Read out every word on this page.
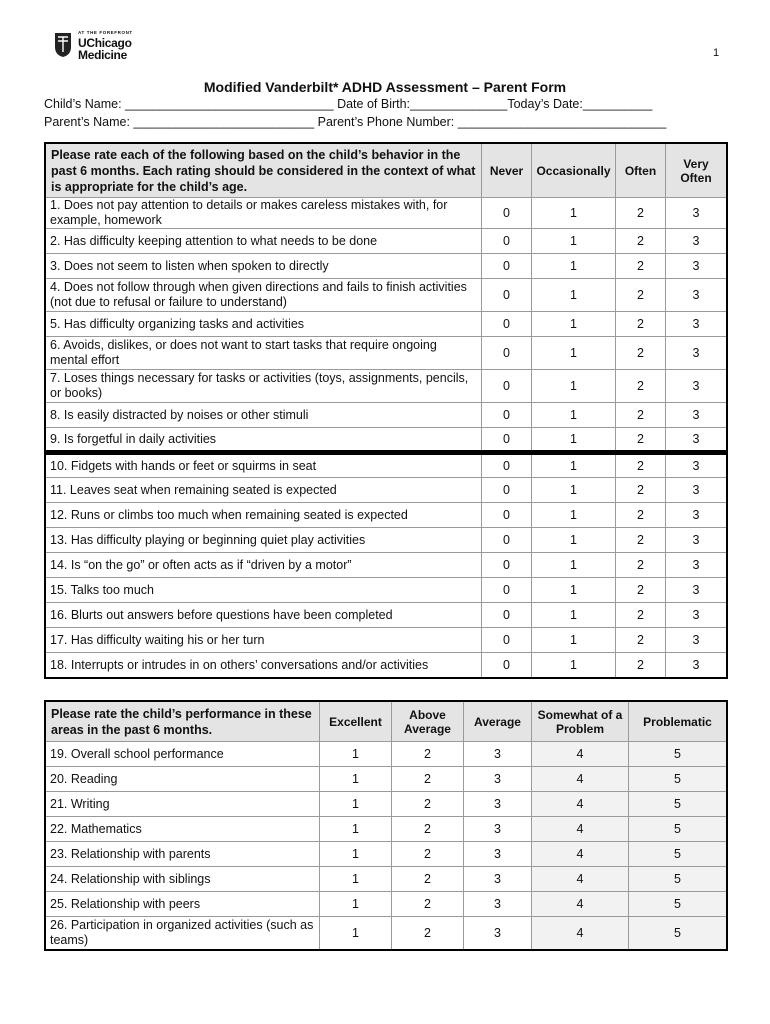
AT THE FOREFRONT
UChicago
Medicine	1
Modified Vanderbilt* ADHD Assessment – Parent Form
Child’s Name: ______________________________ Date of Birth:______________Today’s Date:__________
Parent’s Name: __________________________ Parent’s Phone Number: ______________________________
Please rate each of the following based on the child’s behavior in the past 6 months. Each rating should be considered in the context of what is appropriate for the child’s age.	Never	Occasionally	Often	Very Often
1. Does not pay attention to details or makes careless mistakes with, for example, homework	0	1	2	3
2. Has difficulty keeping attention to what needs to be done	0	1	2	3
3. Does not seem to listen when spoken to directly	0	1	2	3
4. Does not follow through when given directions and fails to finish activities (not due to refusal or failure to understand)	0	1	2	3
5. Has difficulty organizing tasks and activities	0	1	2	3
6. Avoids, dislikes, or does not want to start tasks that require ongoing mental effort	0	1	2	3
7. Loses things necessary for tasks or activities (toys, assignments, pencils, or books)	0	1	2	3
8. Is easily distracted by noises or other stimuli	0	1	2	3
9. Is forgetful in daily activities	0	1	2	3
10. Fidgets with hands or feet or squirms in seat	0	1	2	3
11. Leaves seat when remaining seated is expected	0	1	2	3
12. Runs or climbs too much when remaining seated is expected	0	1	2	3
13. Has difficulty playing or beginning quiet play activities	0	1	2	3
14. Is “on the go” or often acts as if “driven by a motor”	0	1	2	3
15. Talks too much	0	1	2	3
16. Blurts out answers before questions have been completed	0	1	2	3
17. Has difficulty waiting his or her turn	0	1	2	3
18. Interrupts or intrudes in on others’ conversations and/or activities	0	1	2	3
Please rate the child’s performance in these areas in the past 6 months.	Excellent	Above Average	Average	Somewhat of a Problem	Problematic
19. Overall school performance	1	2	3	4	5
20. Reading	1	2	3	4	5
21. Writing	1	2	3	4	5
22. Mathematics	1	2	3	4	5
23. Relationship with parents	1	2	3	4	5
24. Relationship with siblings	1	2	3	4	5
25. Relationship with peers	1	2	3	4	5
26. Participation in organized activities (such as teams)	1	2	3	4	5
